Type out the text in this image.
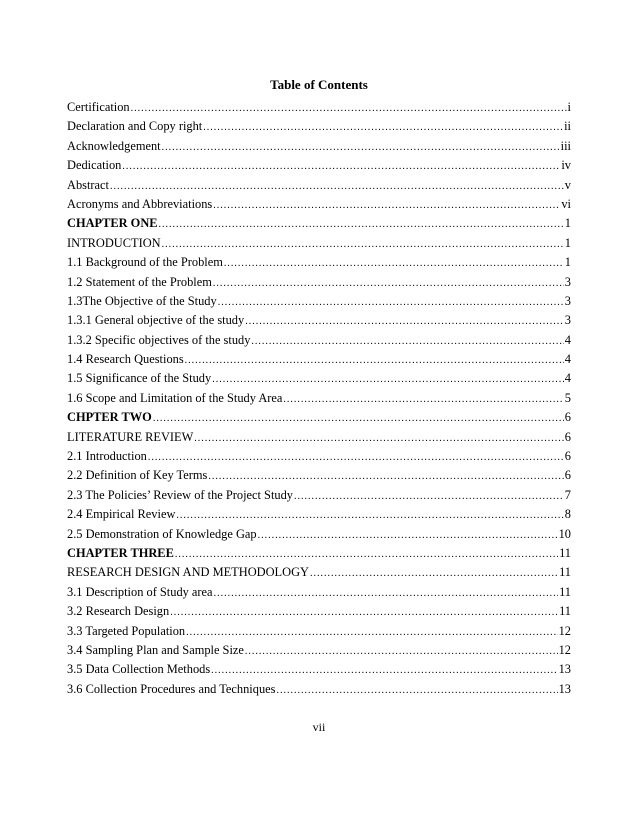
Table of Contents
Certification .....	i
Declaration and Copy right .....	ii
Acknowledgement .....	iii
Dedication .....	iv
Abstract .....	v
Acronyms and Abbreviations .....	vi
CHAPTER ONE .....	1
INTRODUCTION .....	1
1.1 Background of the Problem .....	1
1.2 Statement of the Problem .....	3
1.3The Objective of the Study .....	3
1.3.1 General objective of the study .....	3
1.3.2 Specific objectives of the study .....	4
1.4 Research Questions .....	4
1.5 Significance of the Study .....	4
1.6 Scope and Limitation of the Study Area .....	5
CHPTER TWO .....	6
LITERATURE REVIEW .....	6
2.1 Introduction .....	6
2.2 Definition of Key Terms .....	6
2.3 The Policies’ Review of the Project Study .....	7
2.4 Empirical Review .....	8
2.5 Demonstration of Knowledge Gap .....	10
CHAPTER THREE .....	11
RESEARCH DESIGN AND METHODOLOGY .....	11
3.1 Description of Study area .....	11
3.2 Research Design .....	11
3.3 Targeted Population .....	12
3.4 Sampling Plan and Sample Size .....	12
3.5 Data Collection Methods .....	13
3.6 Collection Procedures and Techniques .....	13
vii
